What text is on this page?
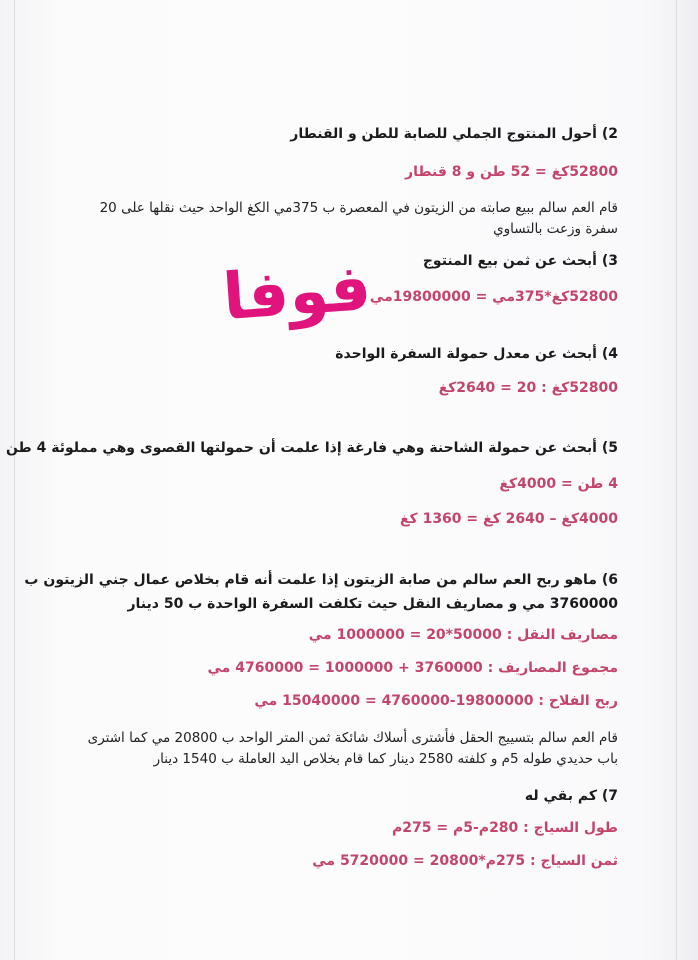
2) أحول المنتوج الجملي للصابة للطن و القنطار

52800كغ = 52 طن و 8 قنطار

قام العم سالم ببيع صابته من الزيتون في المعصرة ب 375مي الكغ الواحد حيث نقلها على 20 سفرة وزعت بالتساوي

3) أبحث عن ثمن بيع المنتوج

52800كغ*375مي = 19800000مي

4) أبحث عن معدل حمولة السفرة الواحدة

52800كغ : 20 = 2640كغ

5) أبحث عن حمولة الشاحنة وهي فارغة إذا علمت أن حمولتها القصوى وهي مملوئة 4 طن

4 طن = 4000كغ

4000كغ – 2640 كغ = 1360 كغ

6) ماهو ربح العم سالم من صابة الزيتون إذا علمت أنه قام بخلاص عمال جني الزيتون ب

3760000 مي و مصاريف النقل حيث تكلفت السفرة الواحدة ب 50 دينار

مصاريف النقل : 50000*20 = 1000000 مي

مجموع المصاريف : 3760000 + 1000000 = 4760000 مي

ربح الفلاح : 19800000-4760000 = 15040000 مي

قام العم سالم بتسييج الحقل فأشترى أسلاك شائكة ثمن المتر الواحد ب 20800 مي كما اشترى باب حديدي طوله 5م و كلفته 2580 دينار كما قام بخلاص اليد العاملة ب 1540 دينار

7) كم بقي له

طول السياج : 280م-5م = 275م

ثمن السياج : 275م*20800 = 5720000 مي

فوفا
